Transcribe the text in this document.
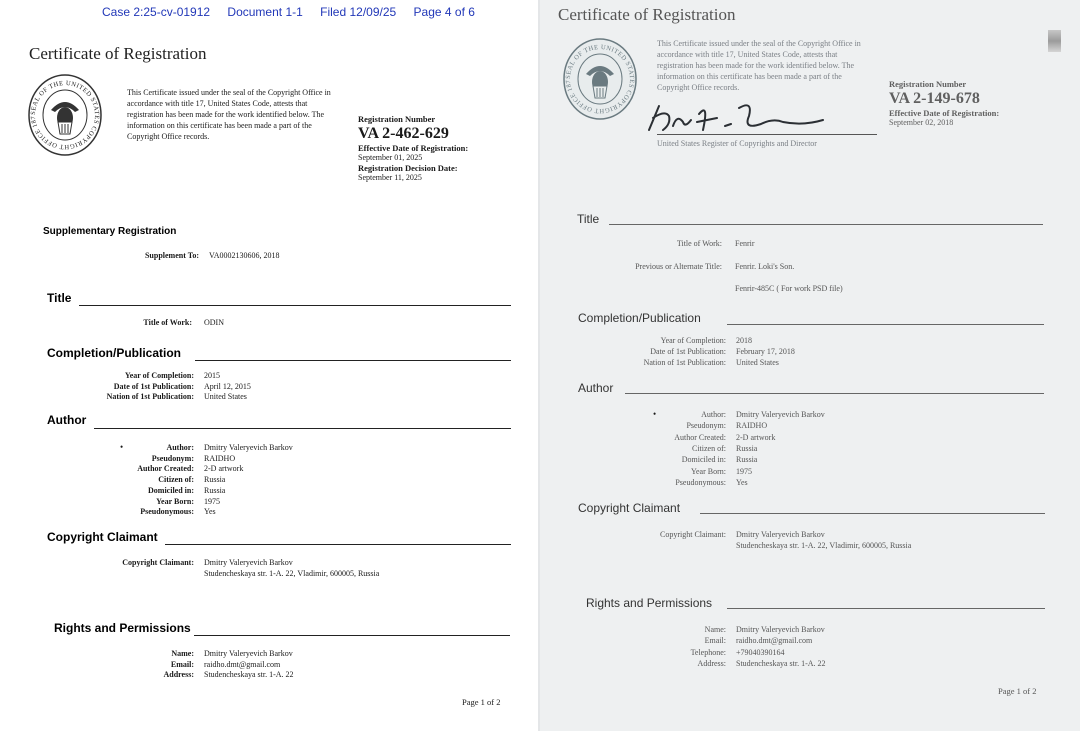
Case 2:25-cv-01912 Document 1-1 Filed 12/09/25 Page 4 of 6
Certificate of Registration
SEAL OF THE UNITED STATES COPYRIGHT OFFICE 187
This Certificate issued under the seal of the Copyright Office in accordance with title 17, United States Code, attests that registration has been made for the work identified below. The information on this certificate has been made a part of the Copyright Office records.
Registration Number
VA 2-462-629
Effective Date of Registration:
September 01, 2025
Registration Decision Date:
September 11, 2025
Supplementary Registration
Supplement To: VA0002130606, 2018
Title
Title of Work: ODIN
Completion/Publication
Year of Completion: 2015
Date of 1st Publication: April 12, 2015
Nation of 1st Publication: United States
Author
•	Author: Dmitry Valeryevich Barkov
Pseudonym: RAIDHO
Author Created: 2-D artwork
Citizen of: Russia
Domiciled in: Russia
Year Born: 1975
Pseudonymous: Yes
Copyright Claimant
Copyright Claimant: Dmitry Valeryevich Barkov
Studencheskaya str. 1-A. 22, Vladimir, 600005, Russia
Rights and Permissions
Name: Dmitry Valeryevich Barkov
Email: raidho.dmt@gmail.com
Address: Studencheskaya str. 1-A. 22
Page 1 of 2
Certificate of Registration
SEAL OF THE UNITED STATES COPYRIGHT OFFICE 187
This Certificate issued under the seal of the Copyright Office in accordance with title 17, United States Code, attests that registration has been made for the work identified below. The information on this certificate has been made a part of the Copyright Office records.
United States Register of Copyrights and Director
Registration Number
VA 2-149-678
Effective Date of Registration:
September 02, 2018
Title
Title of Work: Fenrir
Previous or Alternate Title: Fenrir. Loki's Son.
Fenrir-485C ( For work PSD file)
Completion/Publication
Year of Completion: 2018
Date of 1st Publication: February 17, 2018
Nation of 1st Publication: United States
Author
•	Author: Dmitry Valeryevich Barkov
Pseudonym: RAIDHO
Author Created: 2-D artwork
Citizen of: Russia
Domiciled in: Russia
Year Born: 1975
Pseudonymous: Yes
Copyright Claimant
Copyright Claimant: Dmitry Valeryevich Barkov
Studencheskaya str. 1-A. 22, Vladimir, 600005, Russia
Rights and Permissions
Name: Dmitry Valeryevich Barkov
Email: raidho.dmt@gmail.com
Telephone: +79040390164
Address: Studencheskaya str. 1-A. 22
Page 1 of 2
